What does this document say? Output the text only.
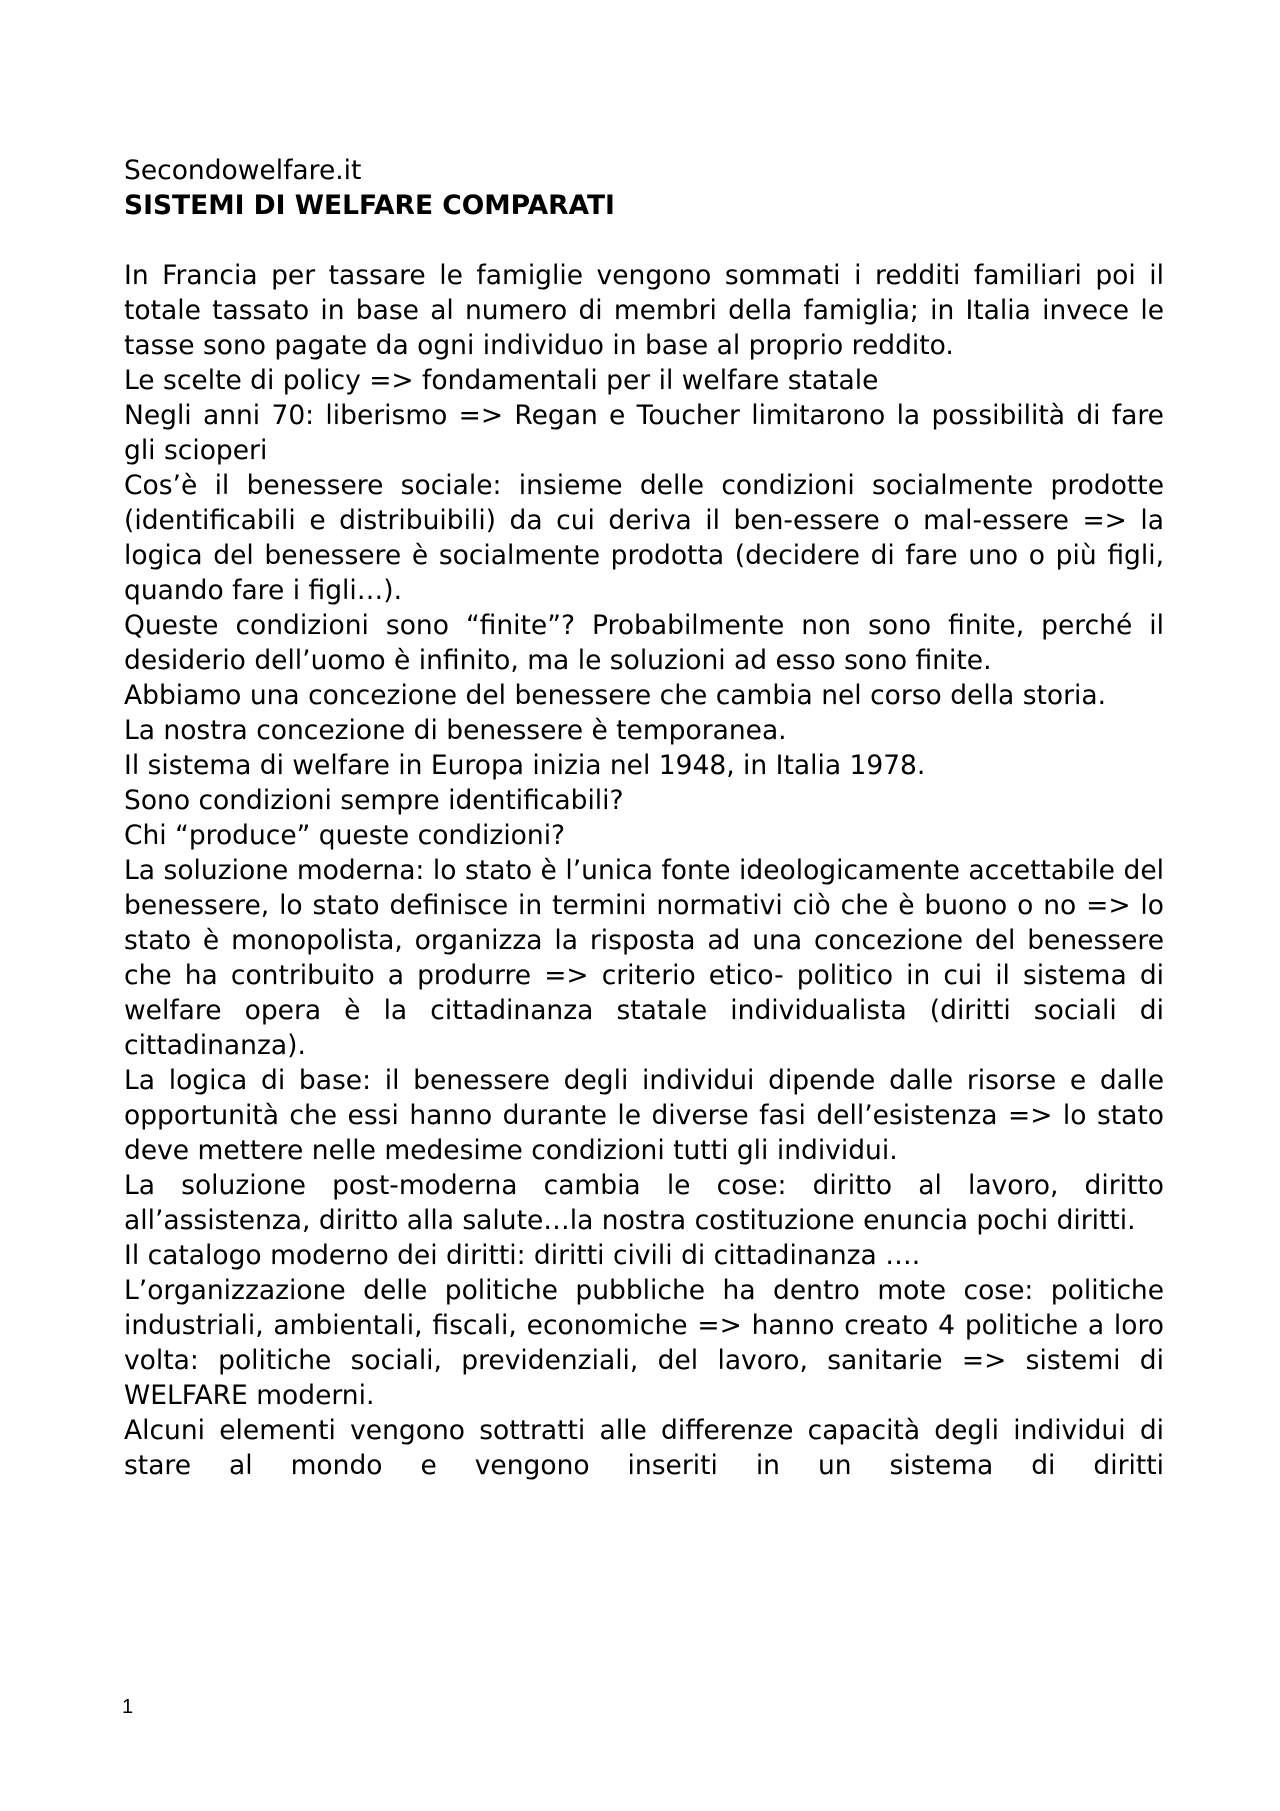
Secondowelfare.it

SISTEMI DI WELFARE COMPARATI

In Francia per tassare le famiglie vengono sommati i redditi familiari poi il totale tassato in base al numero di membri della famiglia; in Italia invece le tasse sono pagate da ogni individuo in base al proprio reddito.

Le scelte di policy => fondamentali per il welfare statale

Negli anni 70: liberismo => Regan e Toucher limitarono la possibilità di fare gli scioperi

Cos’è il benessere sociale: insieme delle condizioni socialmente prodotte (identificabili e distribuibili) da cui deriva il ben-essere o mal-essere => la logica del benessere è socialmente prodotta (decidere di fare uno o più figli, quando fare i figli…).

Queste condizioni sono “finite”? Probabilmente non sono finite, perché il desiderio dell’uomo è infinito, ma le soluzioni ad esso sono finite.

Abbiamo una concezione del benessere che cambia nel corso della storia.

La nostra concezione di benessere è temporanea.

Il sistema di welfare in Europa inizia nel 1948, in Italia 1978.

Sono condizioni sempre identificabili?

Chi “produce” queste condizioni?

La soluzione moderna: lo stato è l’unica fonte ideologicamente accettabile del benessere, lo stato definisce in termini normativi ciò che è buono o no => lo stato è monopolista, organizza la risposta ad una concezione del benessere che ha contribuito a produrre => criterio etico- politico in cui il sistema di welfare opera è la cittadinanza statale individualista (diritti sociali di cittadinanza).

La logica di base: il benessere degli individui dipende dalle risorse e dalle opportunità che essi hanno durante le diverse fasi dell’esistenza => lo stato deve mettere nelle medesime condizioni tutti gli individui.

La soluzione post-moderna cambia le cose: diritto al lavoro, diritto all’assistenza, diritto alla salute…la nostra costituzione enuncia pochi diritti.

Il catalogo moderno dei diritti: diritti civili di cittadinanza ….

L’organizzazione delle politiche pubbliche ha dentro mote cose: politiche industriali, ambientali, fiscali, economiche => hanno creato 4 politiche a loro volta: politiche sociali, previdenziali, del lavoro, sanitarie => sistemi di WELFARE moderni.

Alcuni elementi vengono sottratti alle differenze capacità degli individui di stare al mondo e vengono inseriti in un sistema di diritti

1
